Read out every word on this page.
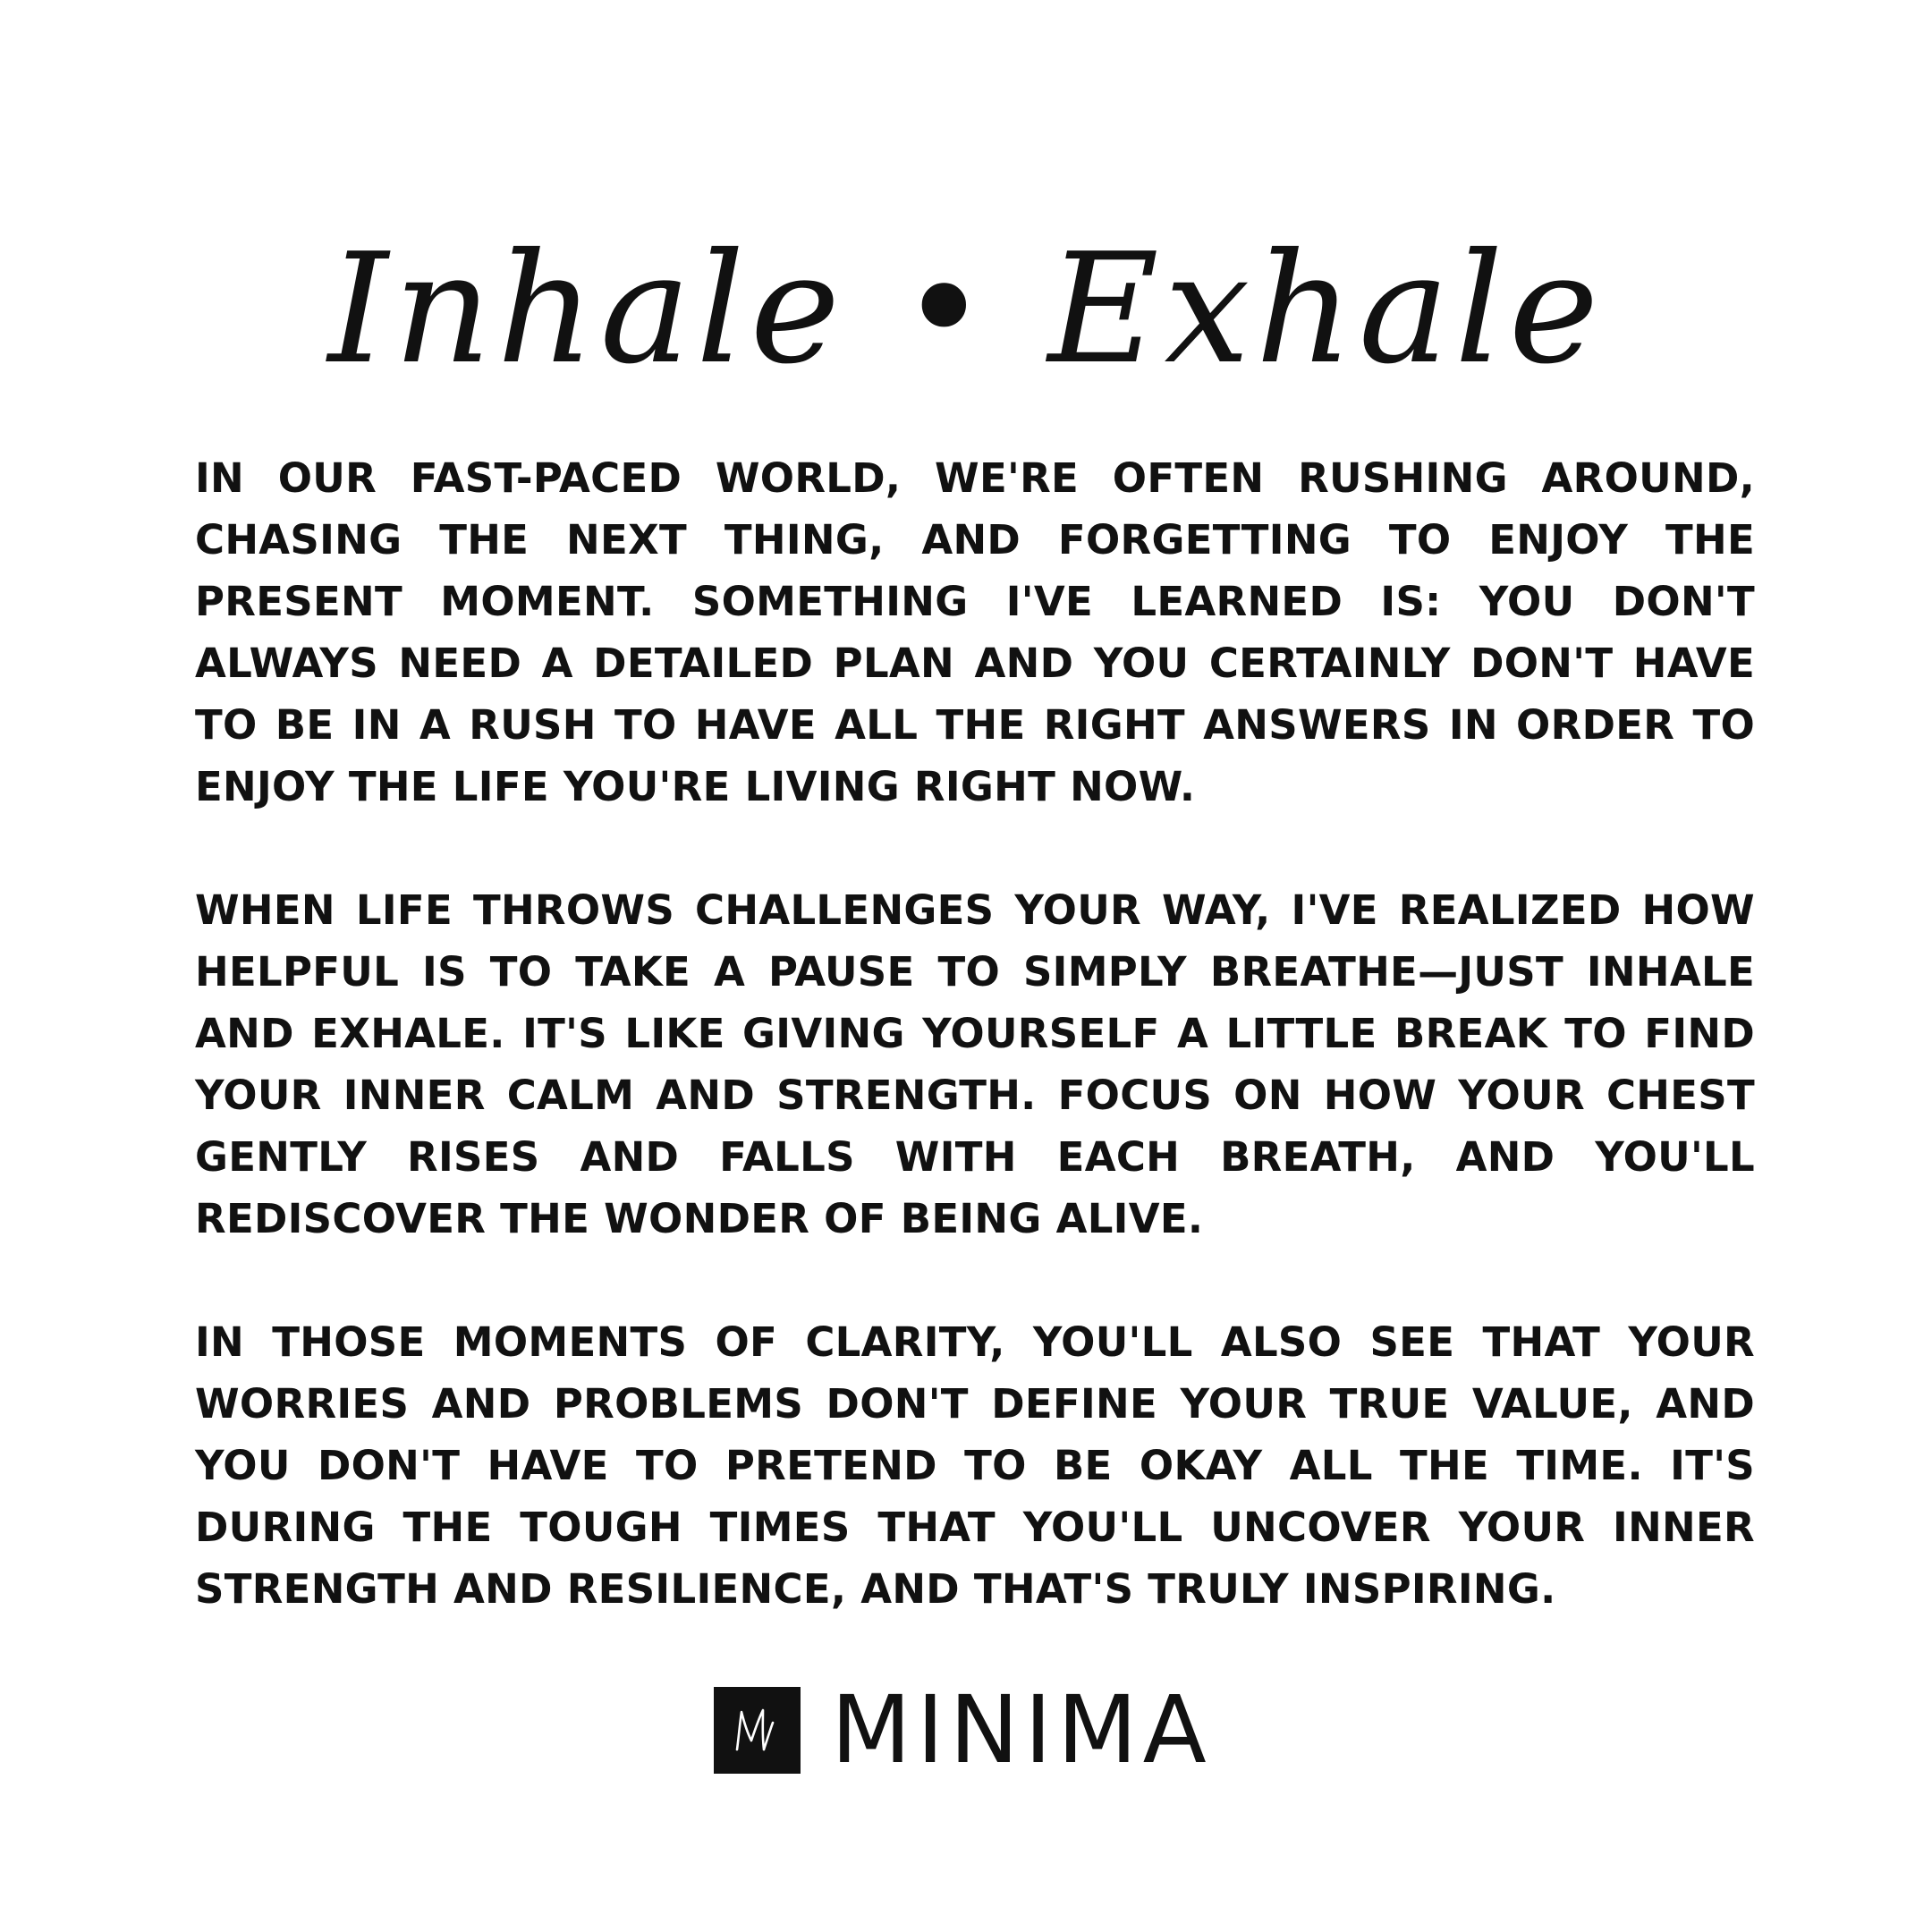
Inhale • Exhale

IN OUR FAST-PACED WORLD, WE'RE OFTEN RUSHING AROUND, CHASING THE NEXT THING, AND FORGETTING TO ENJOY THE PRESENT MOMENT. SOMETHING I'VE LEARNED IS: YOU DON'T ALWAYS NEED A DETAILED PLAN AND YOU CERTAINLY DON'T HAVE TO BE IN A RUSH TO HAVE ALL THE RIGHT ANSWERS IN ORDER TO ENJOY THE LIFE YOU'RE LIVING RIGHT NOW.

WHEN LIFE THROWS CHALLENGES YOUR WAY, I'VE REALIZED HOW HELPFUL IS TO TAKE A PAUSE TO SIMPLY BREATHE—JUST INHALE AND EXHALE. IT'S LIKE GIVING YOURSELF A LITTLE BREAK TO FIND YOUR INNER CALM AND STRENGTH. FOCUS ON HOW YOUR CHEST GENTLY RISES AND FALLS WITH EACH BREATH, AND YOU'LL REDISCOVER THE WONDER OF BEING ALIVE.

IN THOSE MOMENTS OF CLARITY, YOU'LL ALSO SEE THAT YOUR WORRIES AND PROBLEMS DON'T DEFINE YOUR TRUE VALUE, AND YOU DON'T HAVE TO PRETEND TO BE OKAY ALL THE TIME. IT'S DURING THE TOUGH TIMES THAT YOU'LL UNCOVER YOUR INNER STRENGTH AND RESILIENCE, AND THAT'S TRULY INSPIRING.

MINIMA
